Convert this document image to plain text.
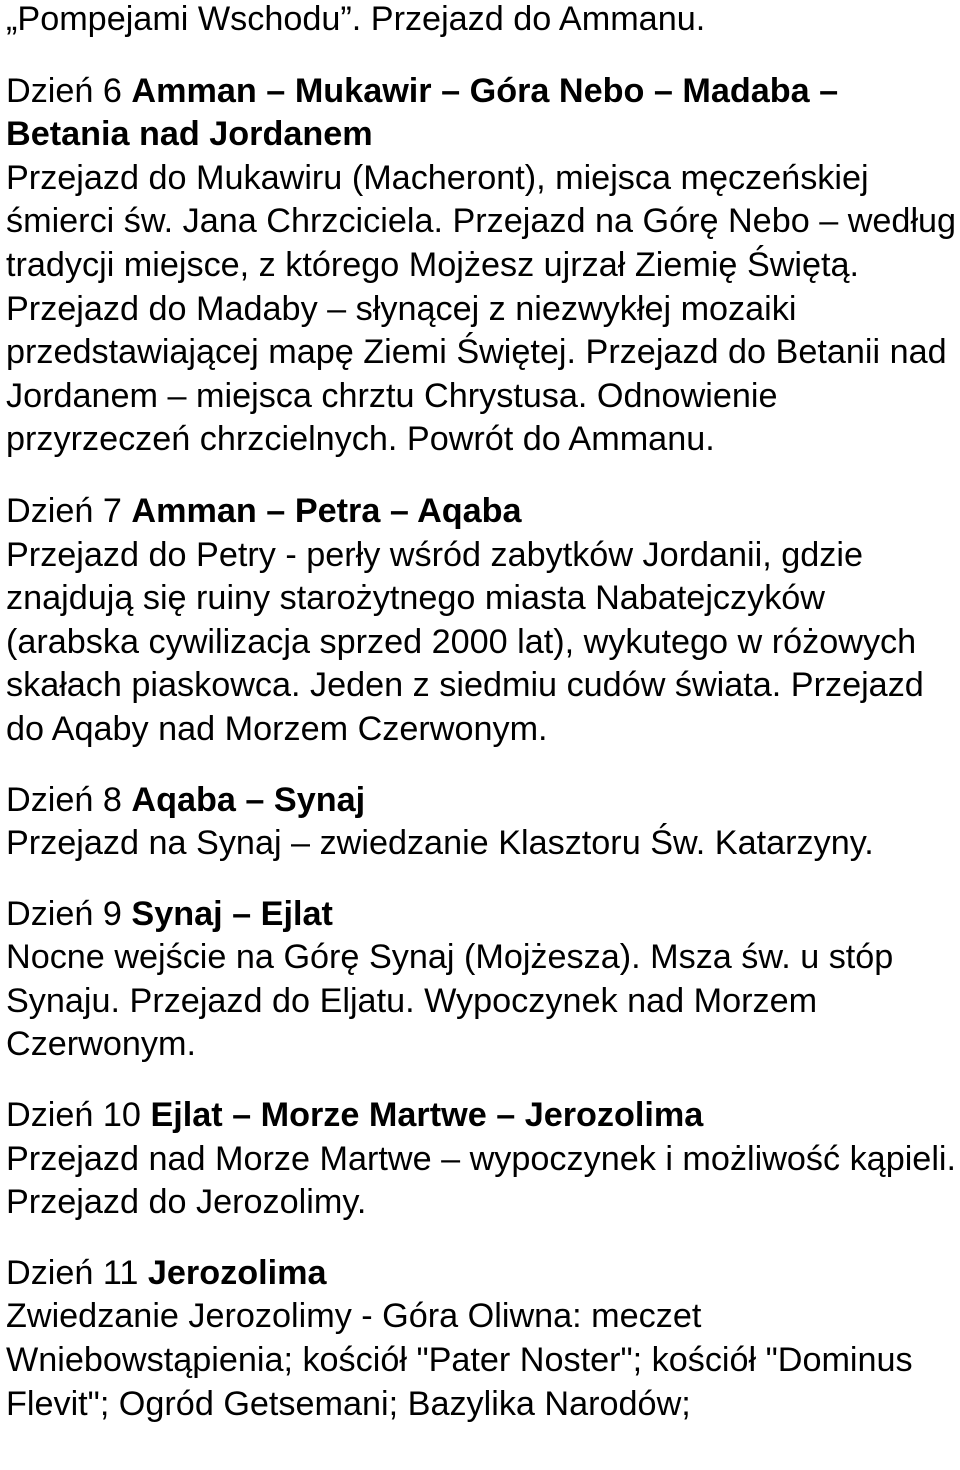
„Pompejami Wschodu”. Przejazd do Ammanu.

Dzień 6 Amman – Mukawir – Góra Nebo – Madaba – Betania nad Jordanem

Przejazd do Mukawiru (Macheront), miejsca męczeńskiej śmierci św. Jana Chrzciciela. Przejazd na Górę Nebo – według tradycji miejsce, z którego Mojżesz ujrzał Ziemię Świętą. Przejazd do Madaby – słynącej z niezwykłej mozaiki przedstawiającej mapę Ziemi Świętej. Przejazd do Betanii nad Jordanem – miejsca chrztu Chrystusa. Odnowienie przyrzeczeń chrzcielnych. Powrót do Ammanu.

Dzień 7 Amman – Petra – Aqaba

Przejazd do Petry - perły wśród zabytków Jordanii, gdzie znajdują się ruiny starożytnego miasta Nabatejczyków (arabska cywilizacja sprzed 2000 lat), wykutego w różowych skałach piaskowca. Jeden z siedmiu cudów świata. Przejazd do Aqaby nad Morzem Czerwonym.

Dzień 8 Aqaba – Synaj

Przejazd na Synaj – zwiedzanie Klasztoru Św. Katarzyny.

Dzień 9 Synaj – Ejlat

Nocne wejście na Górę Synaj (Mojżesza). Msza św. u stóp Synaju. Przejazd do Eljatu. Wypoczynek nad Morzem Czerwonym.

Dzień 10 Ejlat – Morze Martwe – Jerozolima

Przejazd nad Morze Martwe – wypoczynek i możliwość kąpieli. Przejazd do Jerozolimy.

Dzień 11 Jerozolima

Zwiedzanie Jerozolimy - Góra Oliwna: meczet Wniebowstąpienia; kościół "Pater Noster"; kościół "Dominus Flevit"; Ogród Getsemani; Bazylika Narodów;
